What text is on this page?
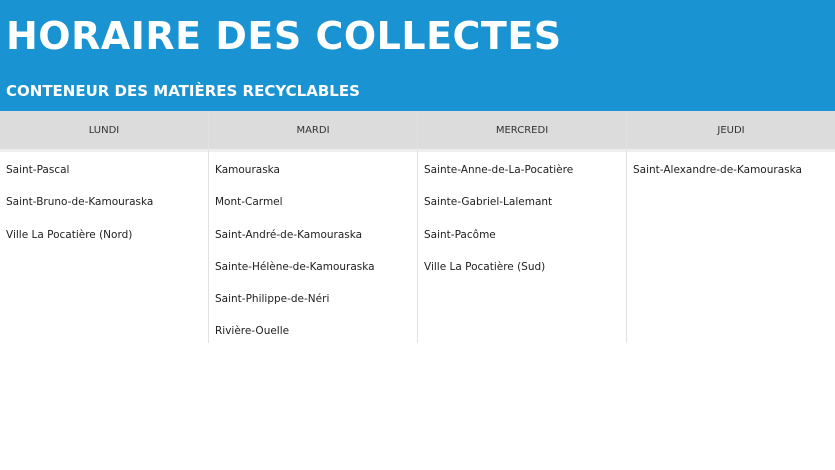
HORAIRE DES COLLECTES
CONTENEUR DES MATIÈRES RECYCLABLES
LUNDI
Saint-Pascal
Saint-Bruno-de-Kamouraska
Ville La Pocatière (Nord)
MARDI
Kamouraska
Mont-Carmel
Saint-André-de-Kamouraska
Sainte-Hélène-de-Kamouraska
Saint-Philippe-de-Néri
Rivière-Ouelle
MERCREDI
Sainte-Anne-de-La-Pocatière
Sainte-Gabriel-Lalemant
Saint-Pacôme
Ville La Pocatière (Sud)
JEUDI
Saint-Alexandre-de-Kamouraska
